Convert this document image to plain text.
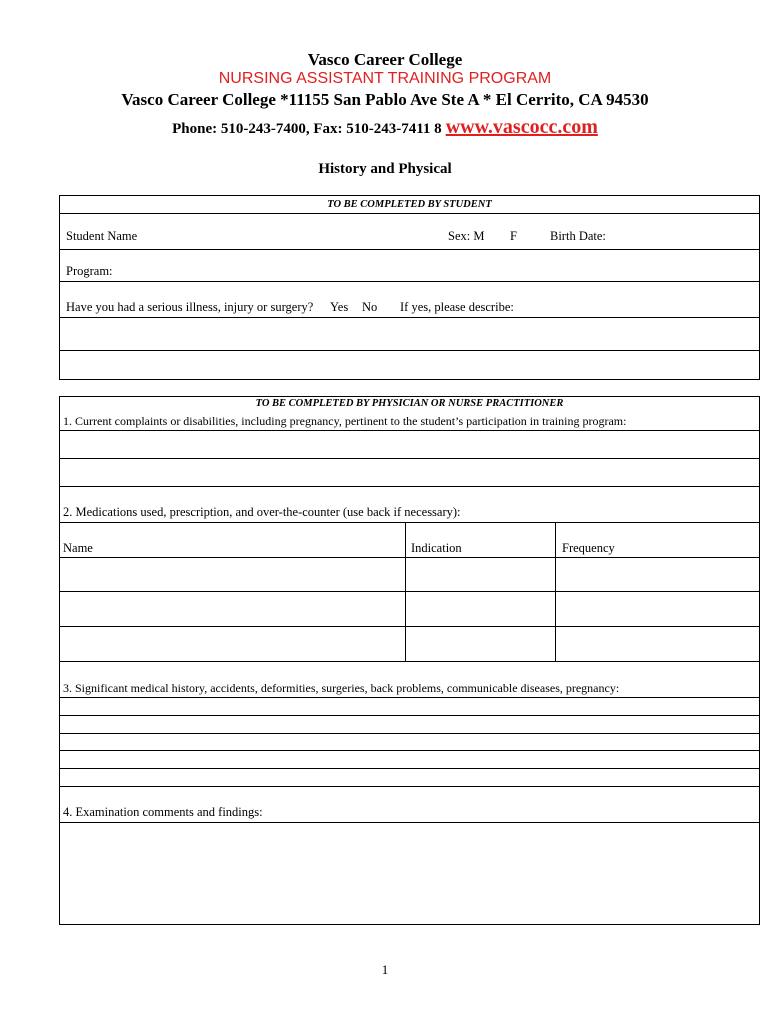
Vasco Career College
NURSING ASSISTANT TRAINING PROGRAM
Vasco Career College *11155 San Pablo Ave Ste A * El Cerrito, CA 94530
Phone: 510-243-7400, Fax: 510-243-7411 8 www.vascocc.com
History and Physical
TO BE COMPLETED BY STUDENT
Student Name	Sex: M F	Birth Date:
Program:
Have you had a serious illness, injury or surgery? Yes No If yes, please describe:
TO BE COMPLETED BY PHYSICIAN OR NURSE PRACTITIONER
1. Current complaints or disabilities, including pregnancy, pertinent to the student’s participation in training program:
2. Medications used, prescription, and over-the-counter (use back if necessary):
Name	Indication	Frequency
3. Significant medical history, accidents, deformities, surgeries, back problems, communicable diseases, pregnancy:
4. Examination comments and findings:
1
